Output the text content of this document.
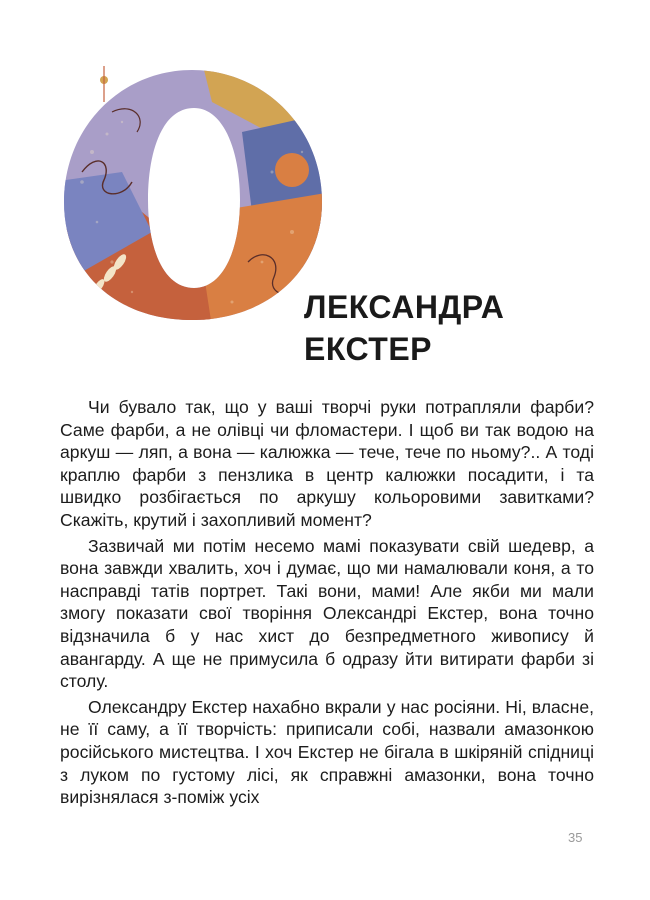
ЛЕКСАНДРА
ЕКСТЕР

Чи бувало так, що у ваші творчі руки потрапляли фарби? Саме фарби, а не олівці чи фломастери. І щоб ви так водою на аркуш — ляп, а вона — калюжка — тече, тече по ньому?.. А тоді краплю фарби з пензлика в центр калюжки посадити, і та швидко розбігається по аркушу кольоровими завитками? Скажіть, крутий і захопливий момент?

Зазвичай ми потім несемо мамі показувати свій шедевр, а вона завжди хвалить, хоч і думає, що ми намалювали коня, а то насправді татів портрет. Такі вони, мами! Але якби ми мали змогу показати свої творіння Олександрі Екстер, вона точно відзначила б у нас хист до безпредметного живопису й авангарду. А ще не примусила б одразу йти витирати фарби зі столу.

Олександру Екстер нахабно вкрали у нас росіяни. Ні, власне, не її саму, а її творчість: приписали собі, назвали амазонкою російського мистецтва. І хоч Екстер не бігала в шкіряній спідниці з луком по густому лісі, як справжні амазонки, вона точно вирізнялася з-поміж усіх

35
